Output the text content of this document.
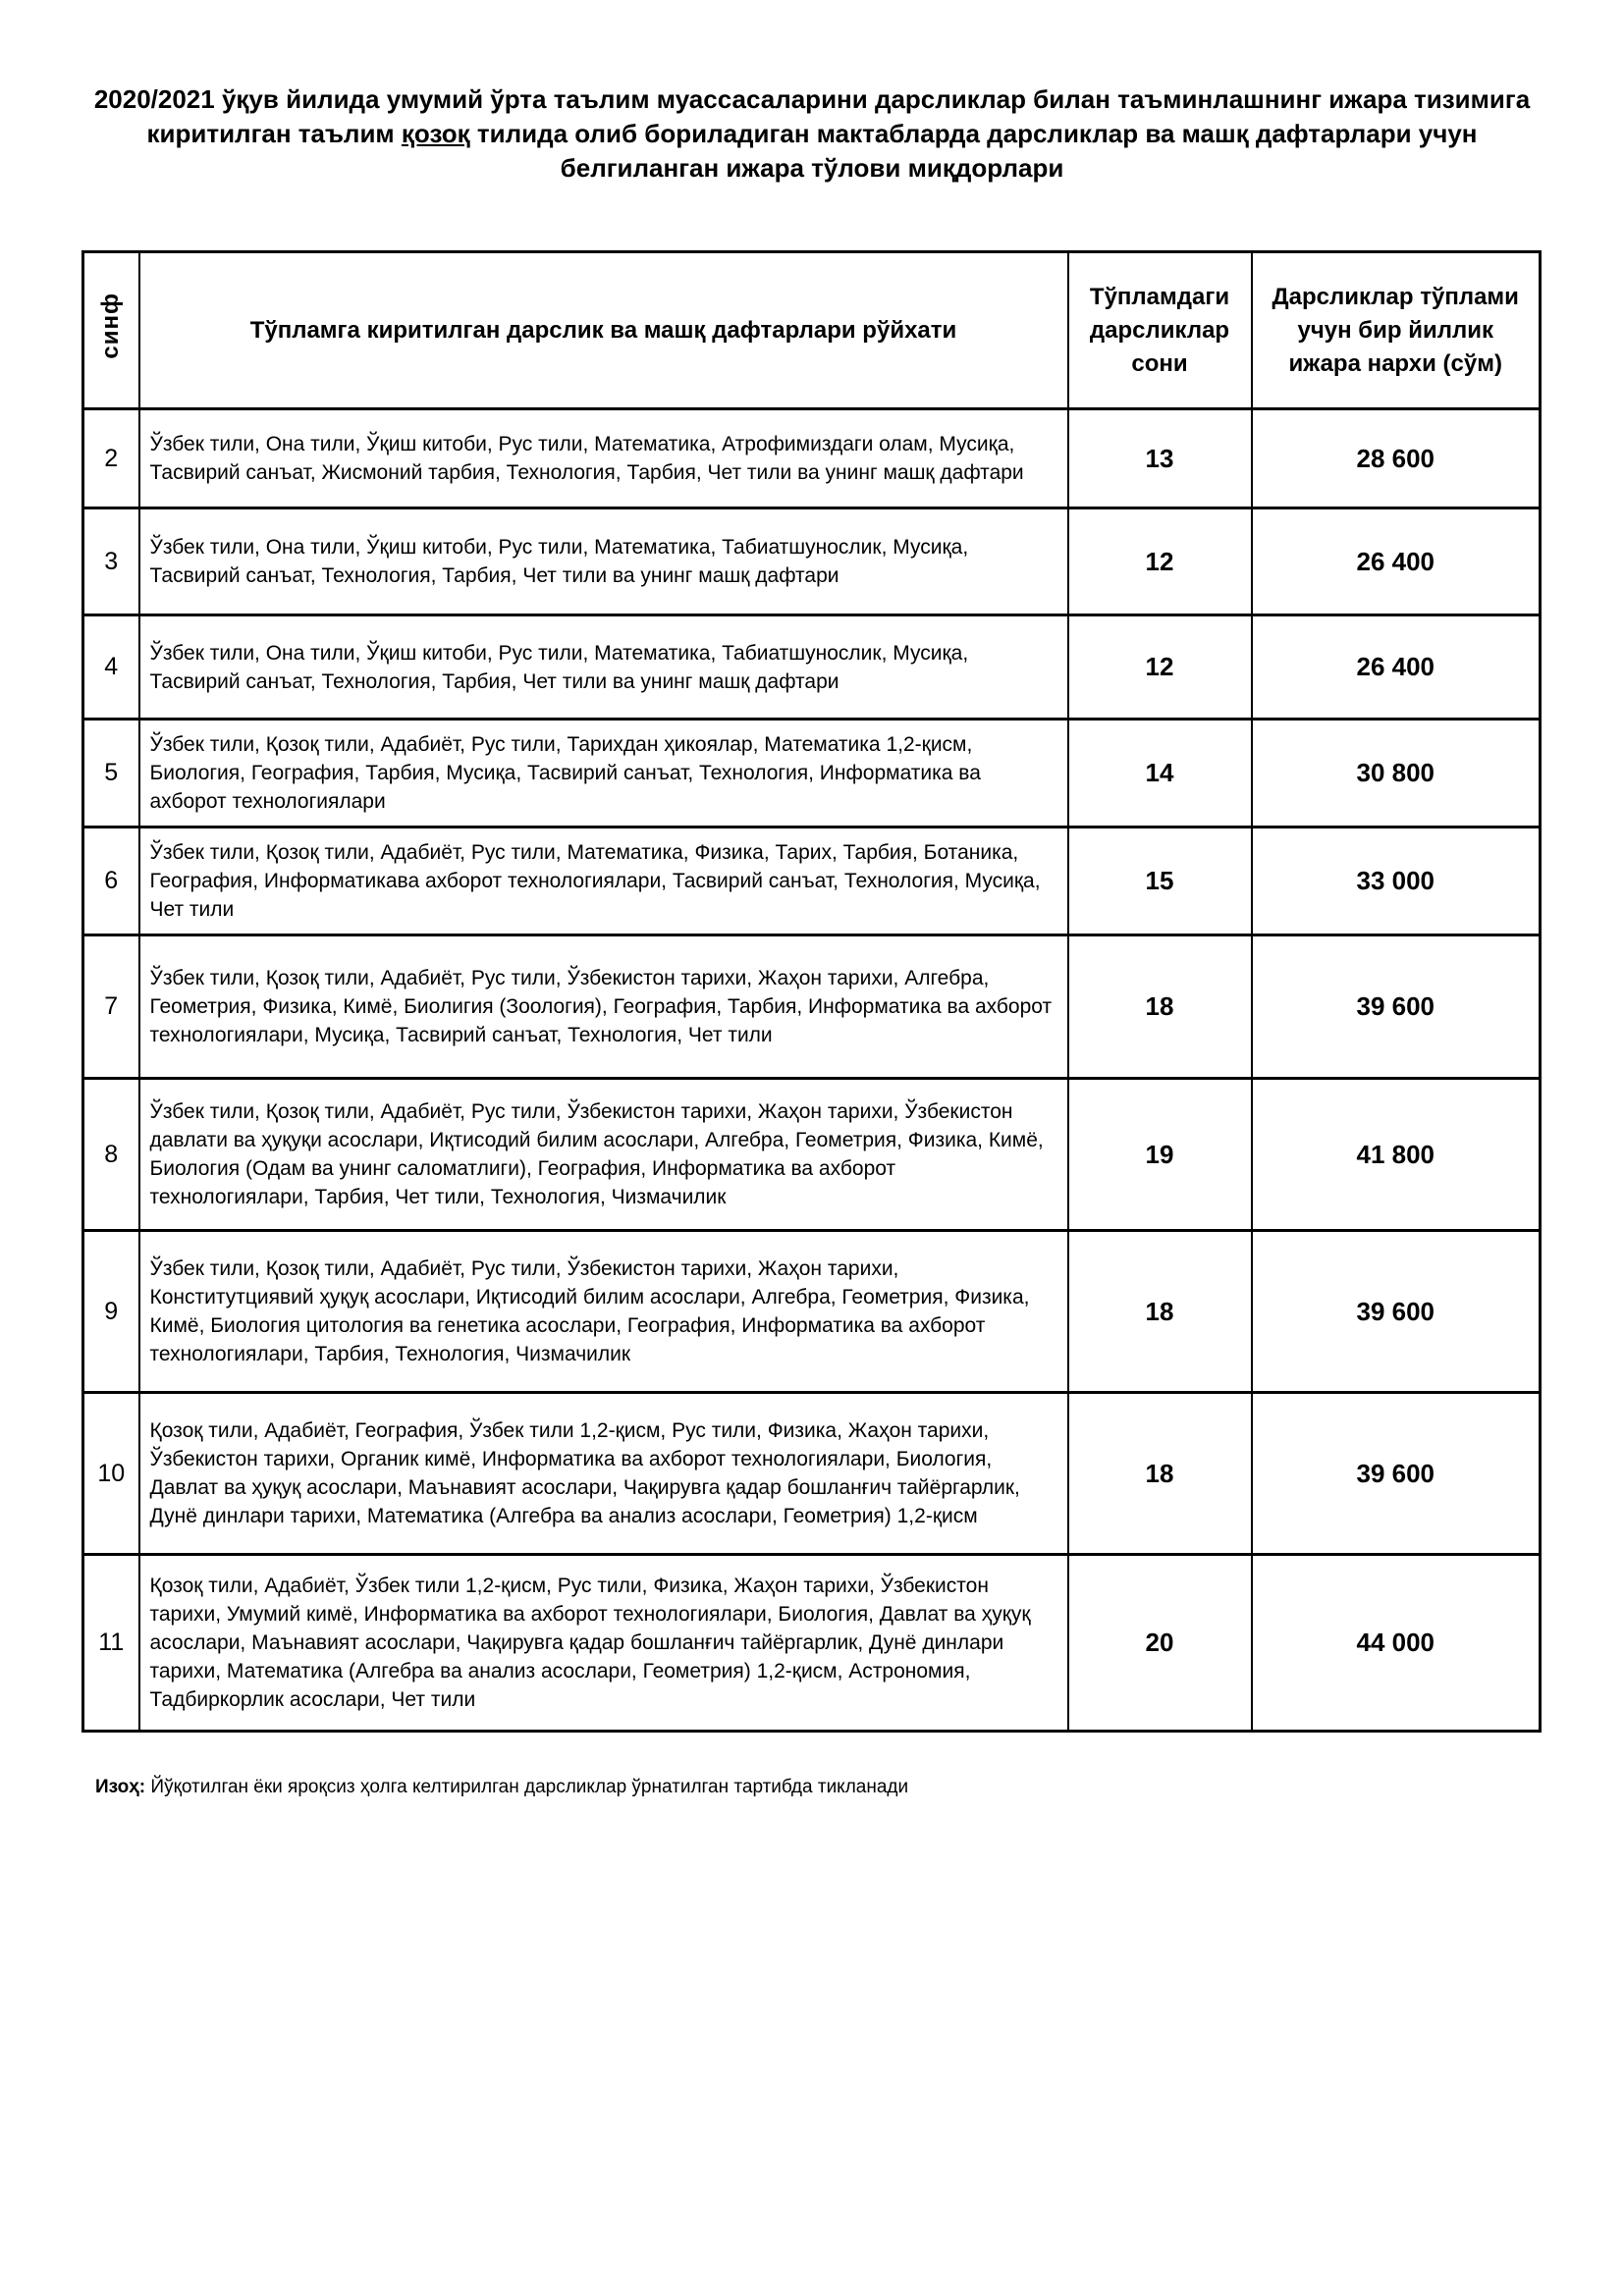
2020/2021 ўқув йилида умумий ўрта таълим муассасаларини дарсликлар билан таъминлашнинг ижара тизимига киритилган таълим қозоқ тилида олиб бориладиган мактабларда дарсликлар ва машқ дафтарлари учун белгиланган ижара тўлови миқдорлари
синф	Тўпламга киритилган дарслик ва машқ дафтарлари рўйхати	Тўпламдаги дарсликлар сони	Дарсликлар тўплами учун бир йиллик ижара нархи (сўм)
2	Ўзбек тили, Она тили, Ўқиш китоби, Рус тили, Математика, Атрофимиздаги олам, Мусиқа, Тасвирий санъат, Жисмоний тарбия, Технология, Тарбия, Чет тили ва унинг машқ дафтари	13	28 600
3	Ўзбек тили, Она тили, Ўқиш китоби, Рус тили, Математика, Табиатшунослик, Мусиқа, Тасвирий санъат, Технология, Тарбия, Чет тили ва унинг машқ дафтари	12	26 400
4	Ўзбек тили, Она тили, Ўқиш китоби, Рус тили, Математика, Табиатшунослик, Мусиқа, Тасвирий санъат, Технология, Тарбия, Чет тили ва унинг машқ дафтари	12	26 400
5	Ўзбек тили, Қозоқ тили, Адабиёт, Рус тили, Тарихдан ҳикоялар, Математика 1,2-қисм, Биология, География, Тарбия, Мусиқа, Тасвирий санъат, Технология, Информатика ва ахборот технологиялари	14	30 800
6	Ўзбек тили, Қозоқ тили, Адабиёт, Рус тили, Математика, Физика, Тарих, Тарбия, Ботаника, География, Информатикава ахборот технологиялари, Тасвирий санъат, Технология, Мусиқа, Чет тили	15	33 000
7	Ўзбек тили, Қозоқ тили, Адабиёт, Рус тили, Ўзбекистон тарихи, Жаҳон тарихи, Алгебра, Геометрия, Физика, Кимё, Биолигия (Зоология), География, Тарбия, Информатика ва ахборот технологиялари, Мусиқа, Тасвирий санъат, Технология, Чет тили	18	39 600
8	Ўзбек тили, Қозоқ тили, Адабиёт, Рус тили, Ўзбекистон тарихи, Жаҳон тарихи, Ўзбекистон давлати ва ҳуқуқи асослари, Иқтисодий билим асослари, Алгебра, Геометрия, Физика, Кимё, Биология (Одам ва унинг саломатлиги), География, Информатика ва ахборот технологиялари, Тарбия, Чет тили, Технология, Чизмачилик	19	41 800
9	Ўзбек тили, Қозоқ тили, Адабиёт, Рус тили, Ўзбекистон тарихи, Жаҳон тарихи, Конститутциявий ҳуқуқ асослари, Иқтисодий билим асослари, Алгебра, Геометрия, Физика, Кимё, Биология цитология ва генетика асослари, География, Информатика ва ахборот технологиялари, Тарбия, Технология, Чизмачилик	18	39 600
10	Қозоқ тили, Адабиёт, География, Ўзбек тили 1,2-қисм, Рус тили, Физика, Жаҳон тарихи, Ўзбекистон тарихи, Органик кимё, Информатика ва ахборот технологиялари, Биология, Давлат ва ҳуқуқ асослари, Маънавият асослари, Чақирувга қадар бошланғич тайёргарлик, Дунё динлари тарихи, Математика (Алгебра ва анализ асослари, Геометрия) 1,2-қисм	18	39 600
11	Қозоқ тили, Адабиёт, Ўзбек тили 1,2-қисм, Рус тили, Физика, Жаҳон тарихи, Ўзбекистон тарихи, Умумий кимё, Информатика ва ахборот технологиялари, Биология, Давлат ва ҳуқуқ асослари, Маънавият асослари, Чақирувга қадар бошланғич тайёргарлик, Дунё динлари тарихи, Математика (Алгебра ва анализ асослари, Геометрия) 1,2-қисм, Астрономия, Тадбиркорлик асослари, Чет тили	20	44 000

Изоҳ: Йўқотилган ёки яроқсиз ҳолга келтирилган дарсликлар ўрнатилган тартибда тикланади
